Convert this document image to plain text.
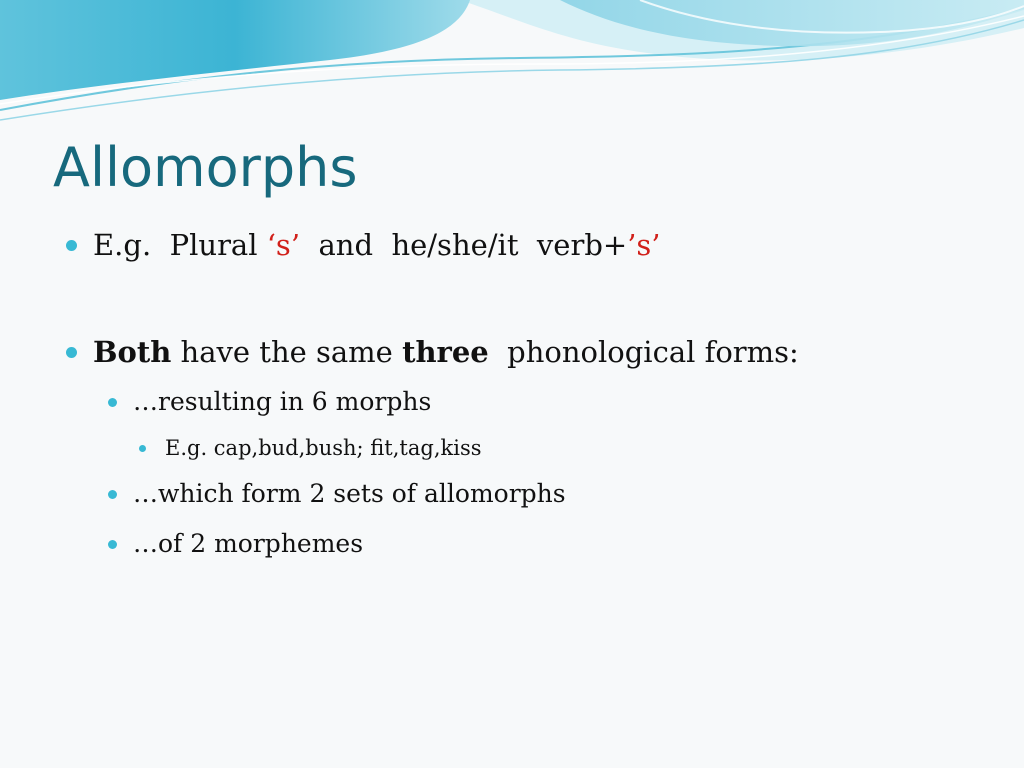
Allomorphs
E.g.  Plural ‘s’ and  he/she/it  verb+ ’s’
Both have the same three phonological forms:
…resulting in 6 morphs
E.g. cap,bud,bush; fit,tag,kiss
…which form 2 sets of allomorphs
…of 2 morphemes
